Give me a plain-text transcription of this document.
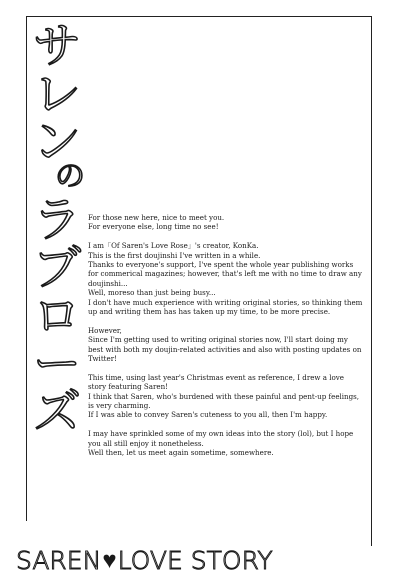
サ
レ
ン
の
ラ
ブ
ロ
ー
ズ

For those new here, nice to meet you.
For everyone else, long time no see!

I am「Of Saren's Love Rose」's creator, KonKa.
This is the first doujinshi I've written in a while.
Thanks to everyone's support, I've spent the whole year publishing works for commerical magazines; however, that's left me with no time to draw any doujinshi...
Well, moreso than just being busy...
I don't have much experience with writing original stories, so thinking them up and writing them has has taken up my time, to be more precise.

However,
Since I'm getting used to writing original stories now, I'll start doing my best with both my doujin-related activities and also with posting updates on Twitter!

This time, using last year's Christmas event as reference, I drew a love story featuring Saren!
I think that Saren, who's burdened with these painful and pent-up feelings, is very charming.
If I was able to convey Saren's cuteness to you all, then I'm happy.

I may have sprinkled some of my own ideas into the story (lol), but I hope you all still enjoy it nonetheless.
Well then, let us meet again sometime, somewhere.

SAREN ♥ LOVE STORY
